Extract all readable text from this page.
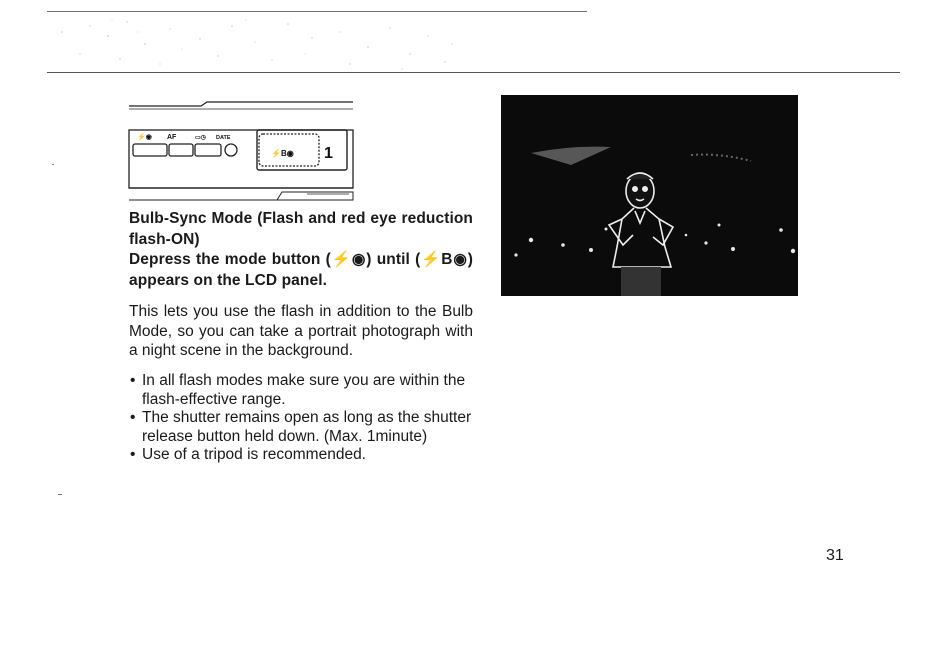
⚡◉ AF	▭◷ DATE
⚡B◉ 1

Bulb-Sync Mode (Flash and red eye reduction flash-ON)

Depress the mode button (⚡◉) until (⚡B◉) appears on the LCD panel.

This lets you use the flash in addition to the Bulb Mode, so you can take a portrait photograph with a night scene in the background.

• In all flash modes make sure you are within the flash-effective range.
• The shutter remains open as long as the shutter release button held down. (Max. 1minute)
• Use of a tripod is recommended.
31
